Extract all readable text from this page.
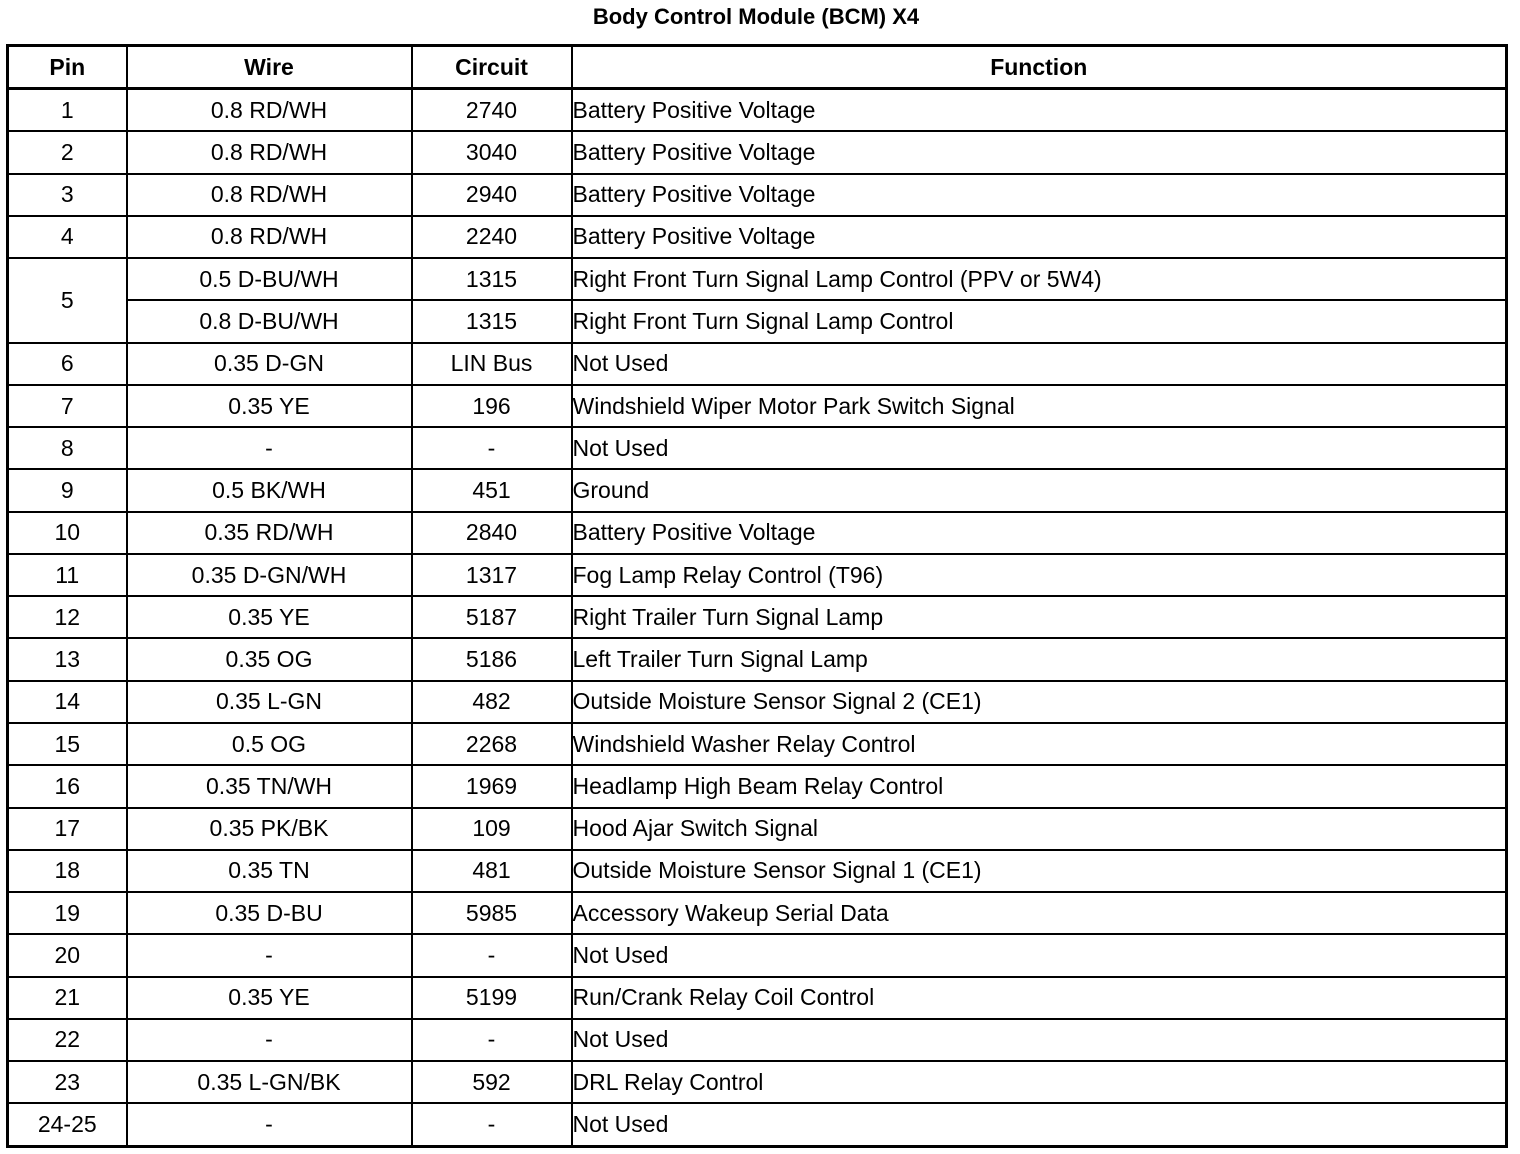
Body Control Module (BCM) X4
Pin	Wire	Circuit	Function
1	0.8 RD/WH	2740	Battery Positive Voltage
2	0.8 RD/WH	3040	Battery Positive Voltage
3	0.8 RD/WH	2940	Battery Positive Voltage
4	0.8 RD/WH	2240	Battery Positive Voltage
5	0.5 D-BU/WH	1315	Right Front Turn Signal Lamp Control (PPV or 5W4)
	0.8 D-BU/WH	1315	Right Front Turn Signal Lamp Control
6	0.35 D-GN	LIN Bus	Not Used
7	0.35 YE	196	Windshield Wiper Motor Park Switch Signal
8	-	-	Not Used
9	0.5 BK/WH	451	Ground
10	0.35 RD/WH	2840	Battery Positive Voltage
11	0.35 D-GN/WH	1317	Fog Lamp Relay Control (T96)
12	0.35 YE	5187	Right Trailer Turn Signal Lamp
13	0.35 OG	5186	Left Trailer Turn Signal Lamp
14	0.35 L-GN	482	Outside Moisture Sensor Signal 2 (CE1)
15	0.5 OG	2268	Windshield Washer Relay Control
16	0.35 TN/WH	1969	Headlamp High Beam Relay Control
17	0.35 PK/BK	109	Hood Ajar Switch Signal
18	0.35 TN	481	Outside Moisture Sensor Signal 1 (CE1)
19	0.35 D-BU	5985	Accessory Wakeup Serial Data
20	-	-	Not Used
21	0.35 YE	5199	Run/Crank Relay Coil Control
22	-	-	Not Used
23	0.35 L-GN/BK	592	DRL Relay Control
24-25	-	-	Not Used
